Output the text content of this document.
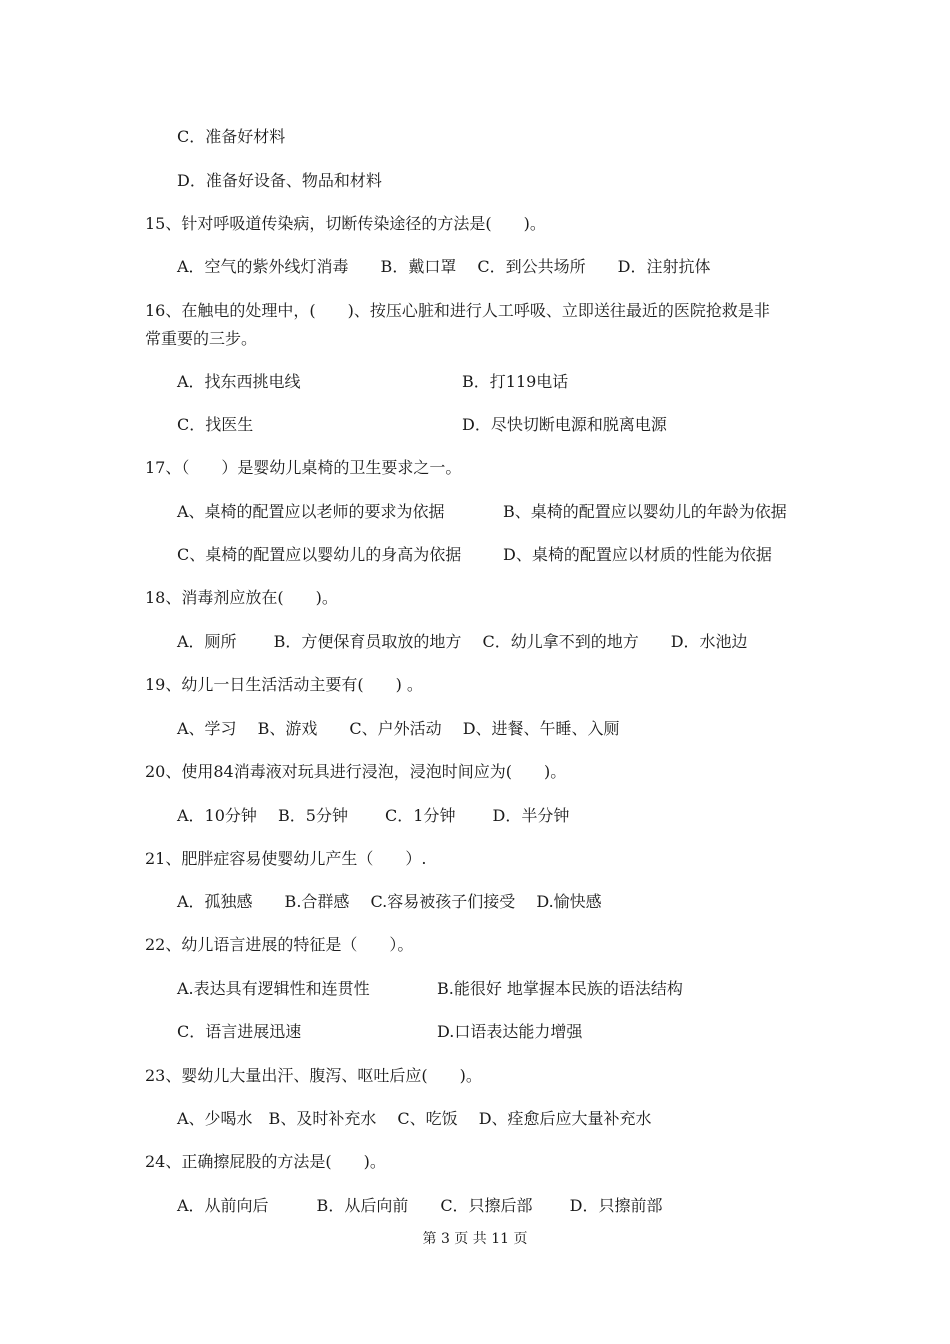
C．准备好材料
D．准备好设备、物品和材料
15、针对呼吸道传染病，切断传染途径的方法是(　　)。
A．空气的紫外线灯消毒　　B．戴口罩　 C．到公共场所　　D．注射抗体
16、在触电的处理中，(　　)、按压心脏和进行人工呼吸、立即送往最近的医院抢救是非
常重要的三步。
A．找东西挑电线	B．打119电话
C．找医生	D．尽快切断电源和脱离电源
17、（　　）是婴幼儿桌椅的卫生要求之一。
A、桌椅的配置应以老师的要求为依据	B、桌椅的配置应以婴幼儿的年龄为依据
C、桌椅的配置应以婴幼儿的身高为依据	D、桌椅的配置应以材质的性能为依据
18、消毒剂应放在(　　)。
A．厕所　　 B．方便保育员取放的地方　 C．幼儿拿不到的地方　　D．水池边
19、幼儿一日生活活动主要有(　　) 。
A、学习　 B、游戏　　C、户外活动　 D、进餐、午睡、入厕
20、使用84消毒液对玩具进行浸泡，浸泡时间应为(　　)。
A．10分钟　 B．5分钟　　 C．1分钟　　 D．半分钟
21、肥胖症容易使婴幼儿产生（　　）.
A．孤独感　　B.合群感　 C.容易被孩子们接受　 D.愉快感
22、幼儿语言进展的特征是（　　）。
A.表达具有逻辑性和连贯性	B.能很好 地掌握本民族的语法结构
C．语言进展迅速	D.口语表达能力增强
23、婴幼儿大量出汗、腹泻、呕吐后应(　　)。
A、少喝水　B、及时补充水　 C、吃饭　 D、痊愈后应大量补充水
24、正确擦屁股的方法是(　　)。
A．从前向后　　　B．从后向前　　C．只擦后部　　 D．只擦前部
第 3 页 共 11 页
